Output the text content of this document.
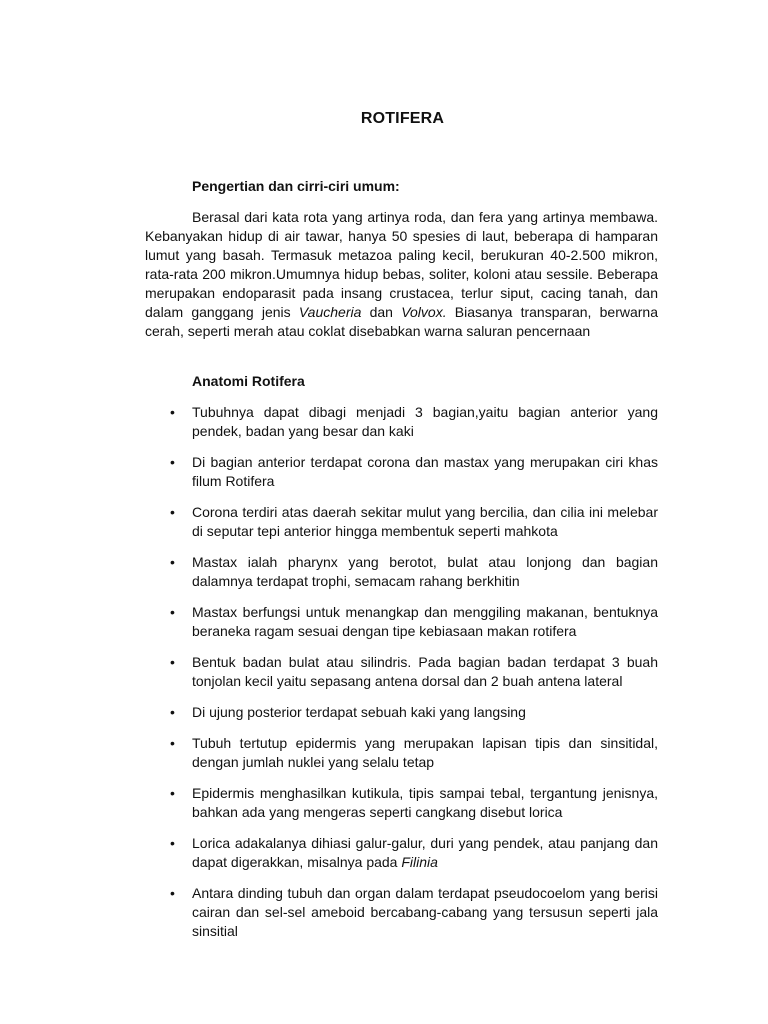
ROTIFERA
Pengertian dan cirri-ciri umum:

Berasal dari kata rota yang artinya roda, dan fera yang artinya membawa. Kebanyakan hidup di air tawar, hanya 50 spesies di laut, beberapa di hamparan lumut yang basah. Termasuk metazoa paling kecil, berukuran 40-2.500 mikron, rata-rata 200 mikron.Umumnya hidup bebas, soliter, koloni atau sessile. Beberapa merupakan endoparasit pada insang crustacea, terlur siput, cacing tanah, dan dalam ganggang jenis Vaucheria dan Volvox. Biasanya transparan, berwarna cerah, seperti merah atau coklat disebabkan warna saluran pencernaan

Anatomi Rotifera
• Tubuhnya dapat dibagi menjadi 3 bagian,yaitu bagian anterior yang pendek, badan yang besar dan kaki
• Di bagian anterior terdapat corona dan mastax yang merupakan ciri khas filum Rotifera
• Corona terdiri atas daerah sekitar mulut yang bercilia, dan cilia ini melebar di seputar tepi anterior hingga membentuk seperti mahkota
• Mastax ialah pharynx yang berotot, bulat atau lonjong dan bagian dalamnya terdapat trophi, semacam rahang berkhitin
• Mastax berfungsi untuk menangkap dan menggiling makanan, bentuknya beraneka ragam sesuai dengan tipe kebiasaan makan rotifera
• Bentuk badan bulat atau silindris. Pada bagian badan terdapat 3 buah tonjolan kecil yaitu sepasang antena dorsal dan 2 buah antena lateral
• Di ujung posterior terdapat sebuah kaki yang langsing
• Tubuh tertutup epidermis yang merupakan lapisan tipis dan sinsitidal, dengan jumlah nuklei yang selalu tetap
• Epidermis menghasilkan kutikula, tipis sampai tebal, tergantung jenisnya, bahkan ada yang mengeras seperti cangkang disebut lorica
• Lorica adakalanya dihiasi galur-galur, duri yang pendek, atau panjang dan dapat digerakkan, misalnya pada Filinia
• Antara dinding tubuh dan organ dalam terdapat pseudocoelom yang berisi cairan dan sel-sel ameboid bercabang-cabang yang tersusun seperti jala sinsitial
